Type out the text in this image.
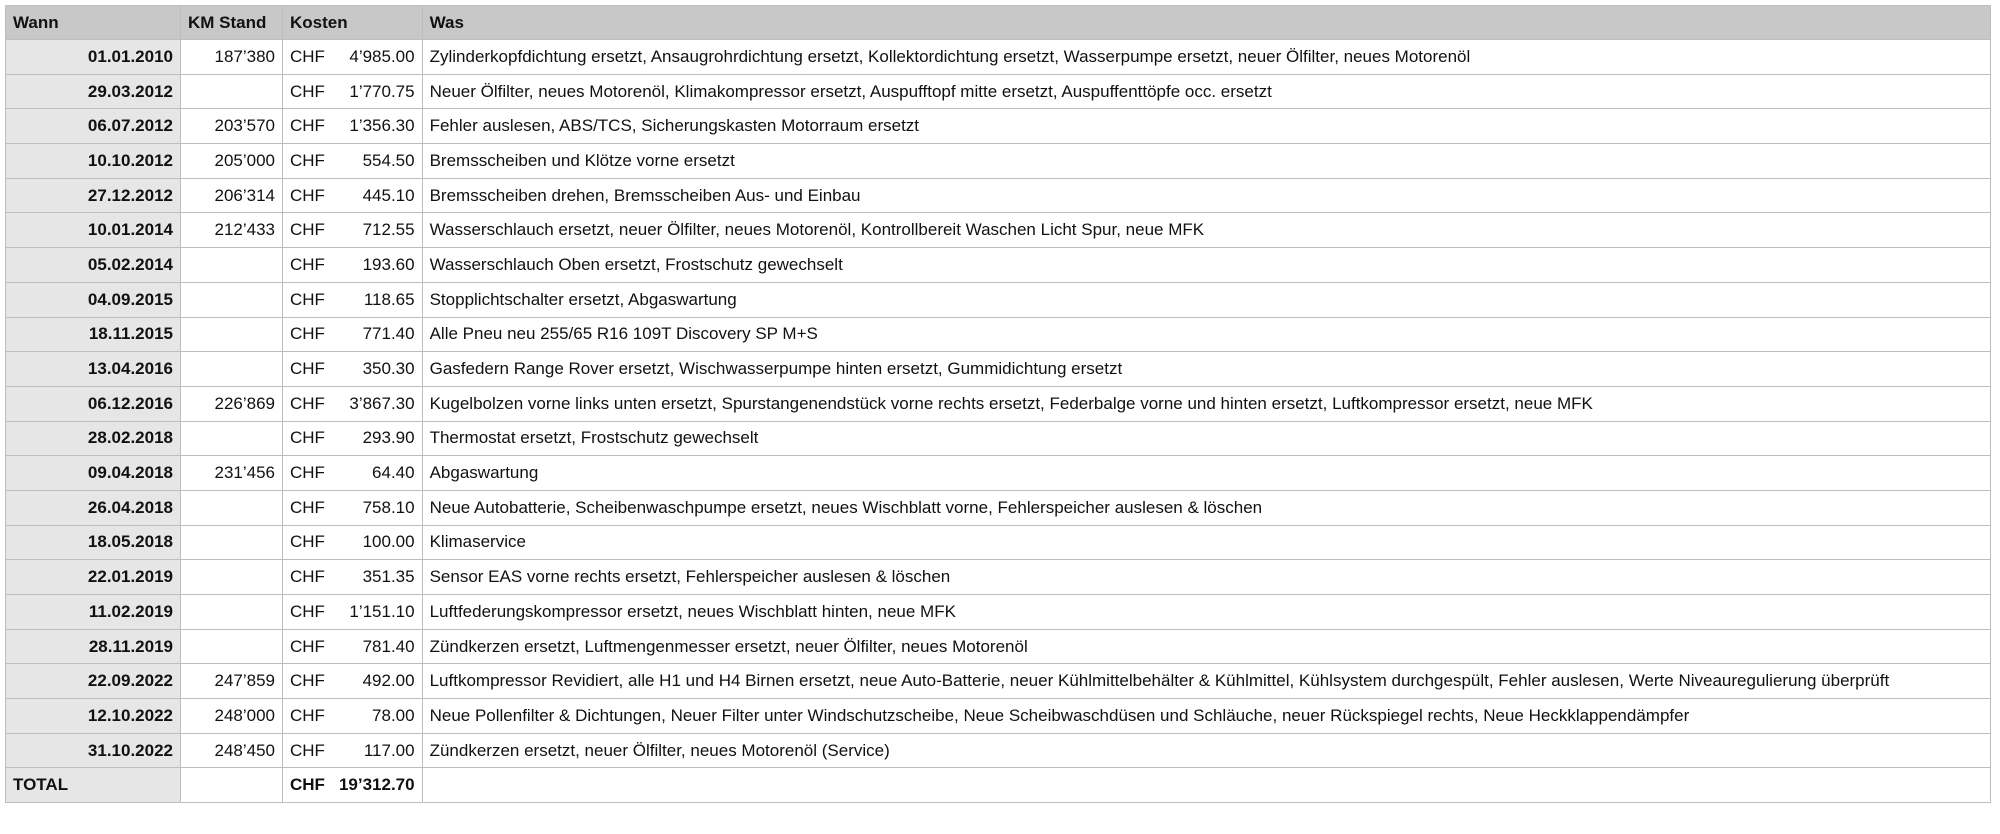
Wann	KM Stand	Kosten		Was
01.01.2010	187’380	CHF	4’985.00	Zylinderkopfdichtung ersetzt, Ansaugrohrdichtung ersetzt, Kollektordichtung ersetzt, Wasserpumpe ersetzt, neuer Ölfilter, neues Motorenöl
29.03.2012		CHF	1’770.75	Neuer Ölfilter, neues Motorenöl, Klimakompressor ersetzt, Auspufftopf mitte ersetzt, Auspuffenttöpfe occ. ersetzt
06.07.2012	203’570	CHF	1’356.30	Fehler auslesen, ABS/TCS, Sicherungskasten Motorraum ersetzt
10.10.2012	205’000	CHF	554.50	Bremsscheiben und Klötze vorne ersetzt
27.12.2012	206’314	CHF	445.10	Bremsscheiben drehen, Bremsscheiben Aus- und Einbau
10.01.2014	212’433	CHF	712.55	Wasserschlauch ersetzt, neuer Ölfilter, neues Motorenöl, Kontrollbereit Waschen Licht Spur, neue MFK
05.02.2014		CHF	193.60	Wasserschlauch Oben ersetzt, Frostschutz gewechselt
04.09.2015		CHF	118.65	Stopplichtschalter ersetzt, Abgaswartung
18.11.2015		CHF	771.40	Alle Pneu neu 255/65 R16 109T Discovery SP M+S
13.04.2016		CHF	350.30	Gasfedern Range Rover ersetzt, Wischwasserpumpe hinten ersetzt, Gummidichtung ersetzt
06.12.2016	226’869	CHF	3’867.30	Kugelbolzen vorne links unten ersetzt, Spurstangenendstück vorne rechts ersetzt, Federbalge vorne und hinten ersetzt, Luftkompressor ersetzt, neue MFK
28.02.2018		CHF	293.90	Thermostat ersetzt, Frostschutz gewechselt
09.04.2018	231’456	CHF	64.40	Abgaswartung
26.04.2018		CHF	758.10	Neue Autobatterie, Scheibenwaschpumpe ersetzt, neues Wischblatt vorne, Fehlerspeicher auslesen & löschen
18.05.2018		CHF	100.00	Klimaservice
22.01.2019		CHF	351.35	Sensor EAS vorne rechts ersetzt, Fehlerspeicher auslesen & löschen
11.02.2019		CHF	1’151.10	Luftfederungskompressor ersetzt, neues Wischblatt hinten, neue MFK
28.11.2019		CHF	781.40	Zündkerzen ersetzt, Luftmengenmesser ersetzt, neuer Ölfilter, neues Motorenöl
22.09.2022	247’859	CHF	492.00	Luftkompressor Revidiert, alle H1 und H4 Birnen ersetzt, neue Auto-Batterie, neuer Kühlmittelbehälter & Kühlmittel, Kühlsystem durchgespült, Fehler auslesen, Werte Niveauregulierung überprüft
12.10.2022	248’000	CHF	78.00	Neue Pollenfilter & Dichtungen, Neuer Filter unter Windschutzscheibe, Neue Scheibwaschdüsen und Schläuche, neuer Rückspiegel rechts, Neue Heckklappendämpfer
31.10.2022	248’450	CHF	117.00	Zündkerzen ersetzt, neuer Ölfilter, neues Motorenöl (Service)
TOTAL		CHF	19’312.70	
